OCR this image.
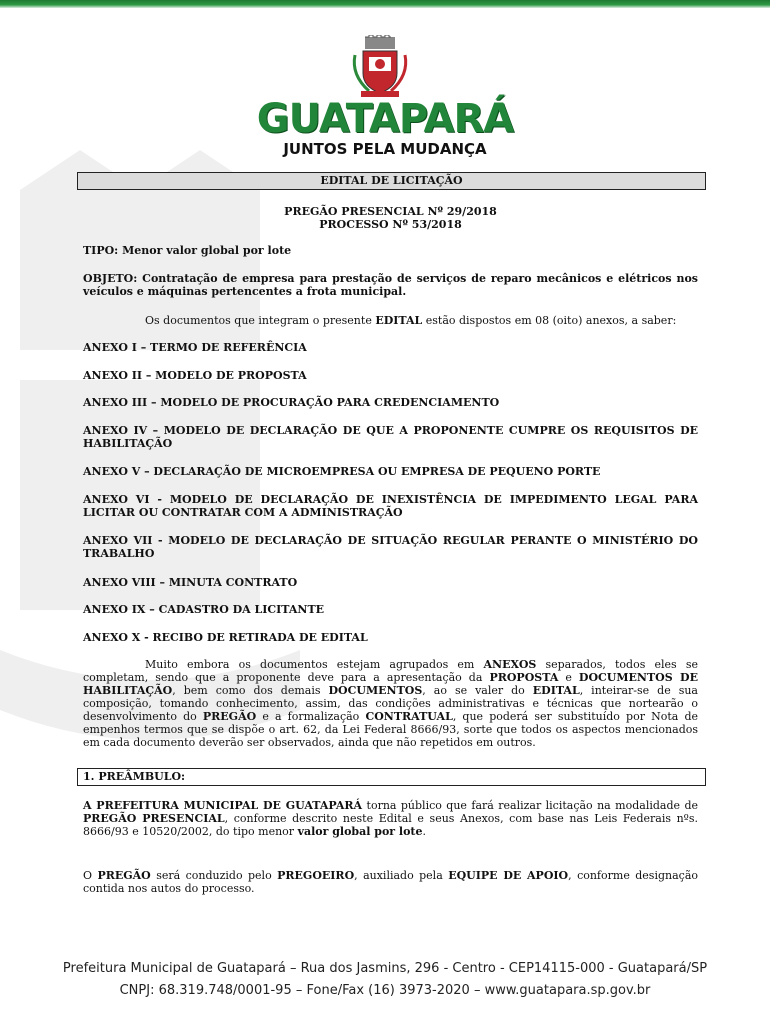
GUATAPARÁ
JUNTOS PELA MUDANÇA
EDITAL DE LICITAÇÃO
PREGÃO PRESENCIAL Nº 29/2018
PROCESSO Nº 53/2018
TIPO: Menor valor global por lote
OBJETO: Contratação de empresa para prestação de serviços de reparo mecânicos e elétricos nos veículos e máquinas pertencentes a frota municipal.
Os documentos que integram o presente EDITAL estão dispostos em 08 (oito) anexos, a saber:
ANEXO I – TERMO DE REFERÊNCIA
ANEXO II – MODELO DE PROPOSTA
ANEXO III – MODELO DE PROCURAÇÃO PARA CREDENCIAMENTO
ANEXO IV – MODELO DE DECLARAÇÃO DE QUE A PROPONENTE CUMPRE OS REQUISITOS DE HABILITAÇÃO
ANEXO V – DECLARAÇÃO DE MICROEMPRESA OU EMPRESA DE PEQUENO PORTE
ANEXO VI - MODELO DE DECLARAÇÃO DE INEXISTÊNCIA DE IMPEDIMENTO LEGAL PARA LICITAR OU CONTRATAR COM A ADMINISTRAÇÃO
ANEXO VII - MODELO DE DECLARAÇÃO DE SITUAÇÃO REGULAR PERANTE O MINISTÉRIO DO TRABALHO
ANEXO VIII – MINUTA CONTRATO
ANEXO IX – CADASTRO DA LICITANTE
ANEXO X - RECIBO DE RETIRADA DE EDITAL
Muito embora os documentos estejam agrupados em ANEXOS separados, todos eles se completam, sendo que a proponente deve para a apresentação da PROPOSTA e DOCUMENTOS DE HABILITAÇÃO, bem como dos demais DOCUMENTOS, ao se valer do EDITAL, inteirar-se de sua composição, tomando conhecimento, assim, das condições administrativas e técnicas que nortearão o desenvolvimento do PREGÃO e a formalização CONTRATUAL, que poderá ser substituído por Nota de empenhos termos que se dispõe o art. 62, da Lei Federal 8666/93, sorte que todos os aspectos mencionados em cada documento deverão ser observados, ainda que não repetidos em outros.
1. PREÂMBULO:
A PREFEITURA MUNICIPAL DE GUATAPARÁ torna público que fará realizar licitação na modalidade de PREGÃO PRESENCIAL, conforme descrito neste Edital e seus Anexos, com base nas Leis Federais nºs. 8666/93 e 10520/2002, do tipo menor valor global por lote.
O PREGÃO será conduzido pelo PREGOEIRO, auxiliado pela EQUIPE DE APOIO, conforme designação contida nos autos do processo.
Prefeitura Municipal de Guatapará – Rua dos Jasmins, 296 - Centro - CEP14115-000 - Guatapará/SP
CNPJ: 68.319.748/0001-95 – Fone/Fax (16) 3973-2020 – www.guatapara.sp.gov.br
